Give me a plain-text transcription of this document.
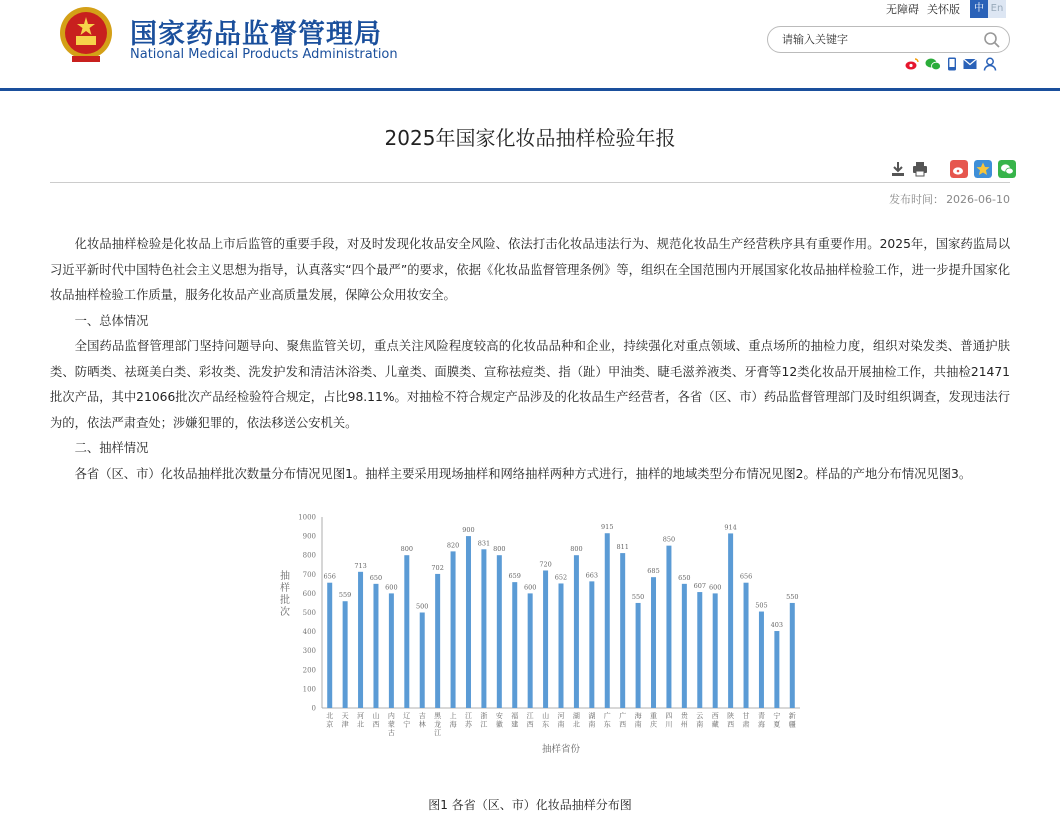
国家药品监督管理局
National Medical Products Administration
无障碍 关怀版	中 En
请输入关键字
2025年国家化妆品抽样检验年报
发布时间： 2026-06-10

化妆品抽样检验是化妆品上市后监管的重要手段，对及时发现化妆品安全风险、依法打击化妆品违法行为、规范化妆品生产经营秩序具有重要作用。2025年，国家药监局以习近平新时代中国特色社会主义思想为指导，认真落实“四个最严”的要求，依据《化妆品监督管理条例》等，组织在全国范围内开展国家化妆品抽样检验工作，进一步提升国家化妆品抽样检验工作质量，服务化妆品产业高质量发展，保障公众用妆安全。

一、总体情况

全国药品监督管理部门坚持问题导向、聚焦监管关切，重点关注风险程度较高的化妆品品种和企业，持续强化对重点领域、重点场所的抽检力度，组织对染发类、普通护肤类、防晒类、祛斑美白类、彩妆类、洗发护发和清洁沐浴类、儿童类、面膜类、宣称祛痘类、指（趾）甲油类、睫毛滋养液类、牙膏等12类化妆品开展抽检工作，共抽检21471批次产品，其中21066批次产品经检验符合规定，占比98.11%。对抽检不符合规定产品涉及的化妆品生产经营者，各省（区、市）药品监督管理部门及时组织调查，发现违法行为的，依法严肃查处；涉嫌犯罪的，依法移送公安机关。

二、抽样情况

各省（区、市）化妆品抽样批次数量分布情况见图1。抽样主要采用现场抽样和网络抽样两种方式进行，抽样的地域类型分布情况见图2。样品的产地分布情况见图3。

0
100
200
300
400
500
600
700
800
900
1000
抽
样
批
次
656
北
京
559
天
津
713
河
北
650
山
西
600
内
蒙
古
800
辽
宁
500
吉
林
702
黑
龙
江
820
上
海
900
江
苏
831
浙
江
800
安
徽
659
福
建
600
江
西
720
山
东
652
河
南
800
湖
北
663
湖
南
915
广
东
811
广
西
550
海
南
685
重
庆
850
四
川
650
贵
州
607
云
南
600
西
藏
914
陕
西
656
甘
肃
505
青
海
403
宁
夏
550
新
疆
抽样省份
图1 各省（区、市）化妆品抽样分布图
